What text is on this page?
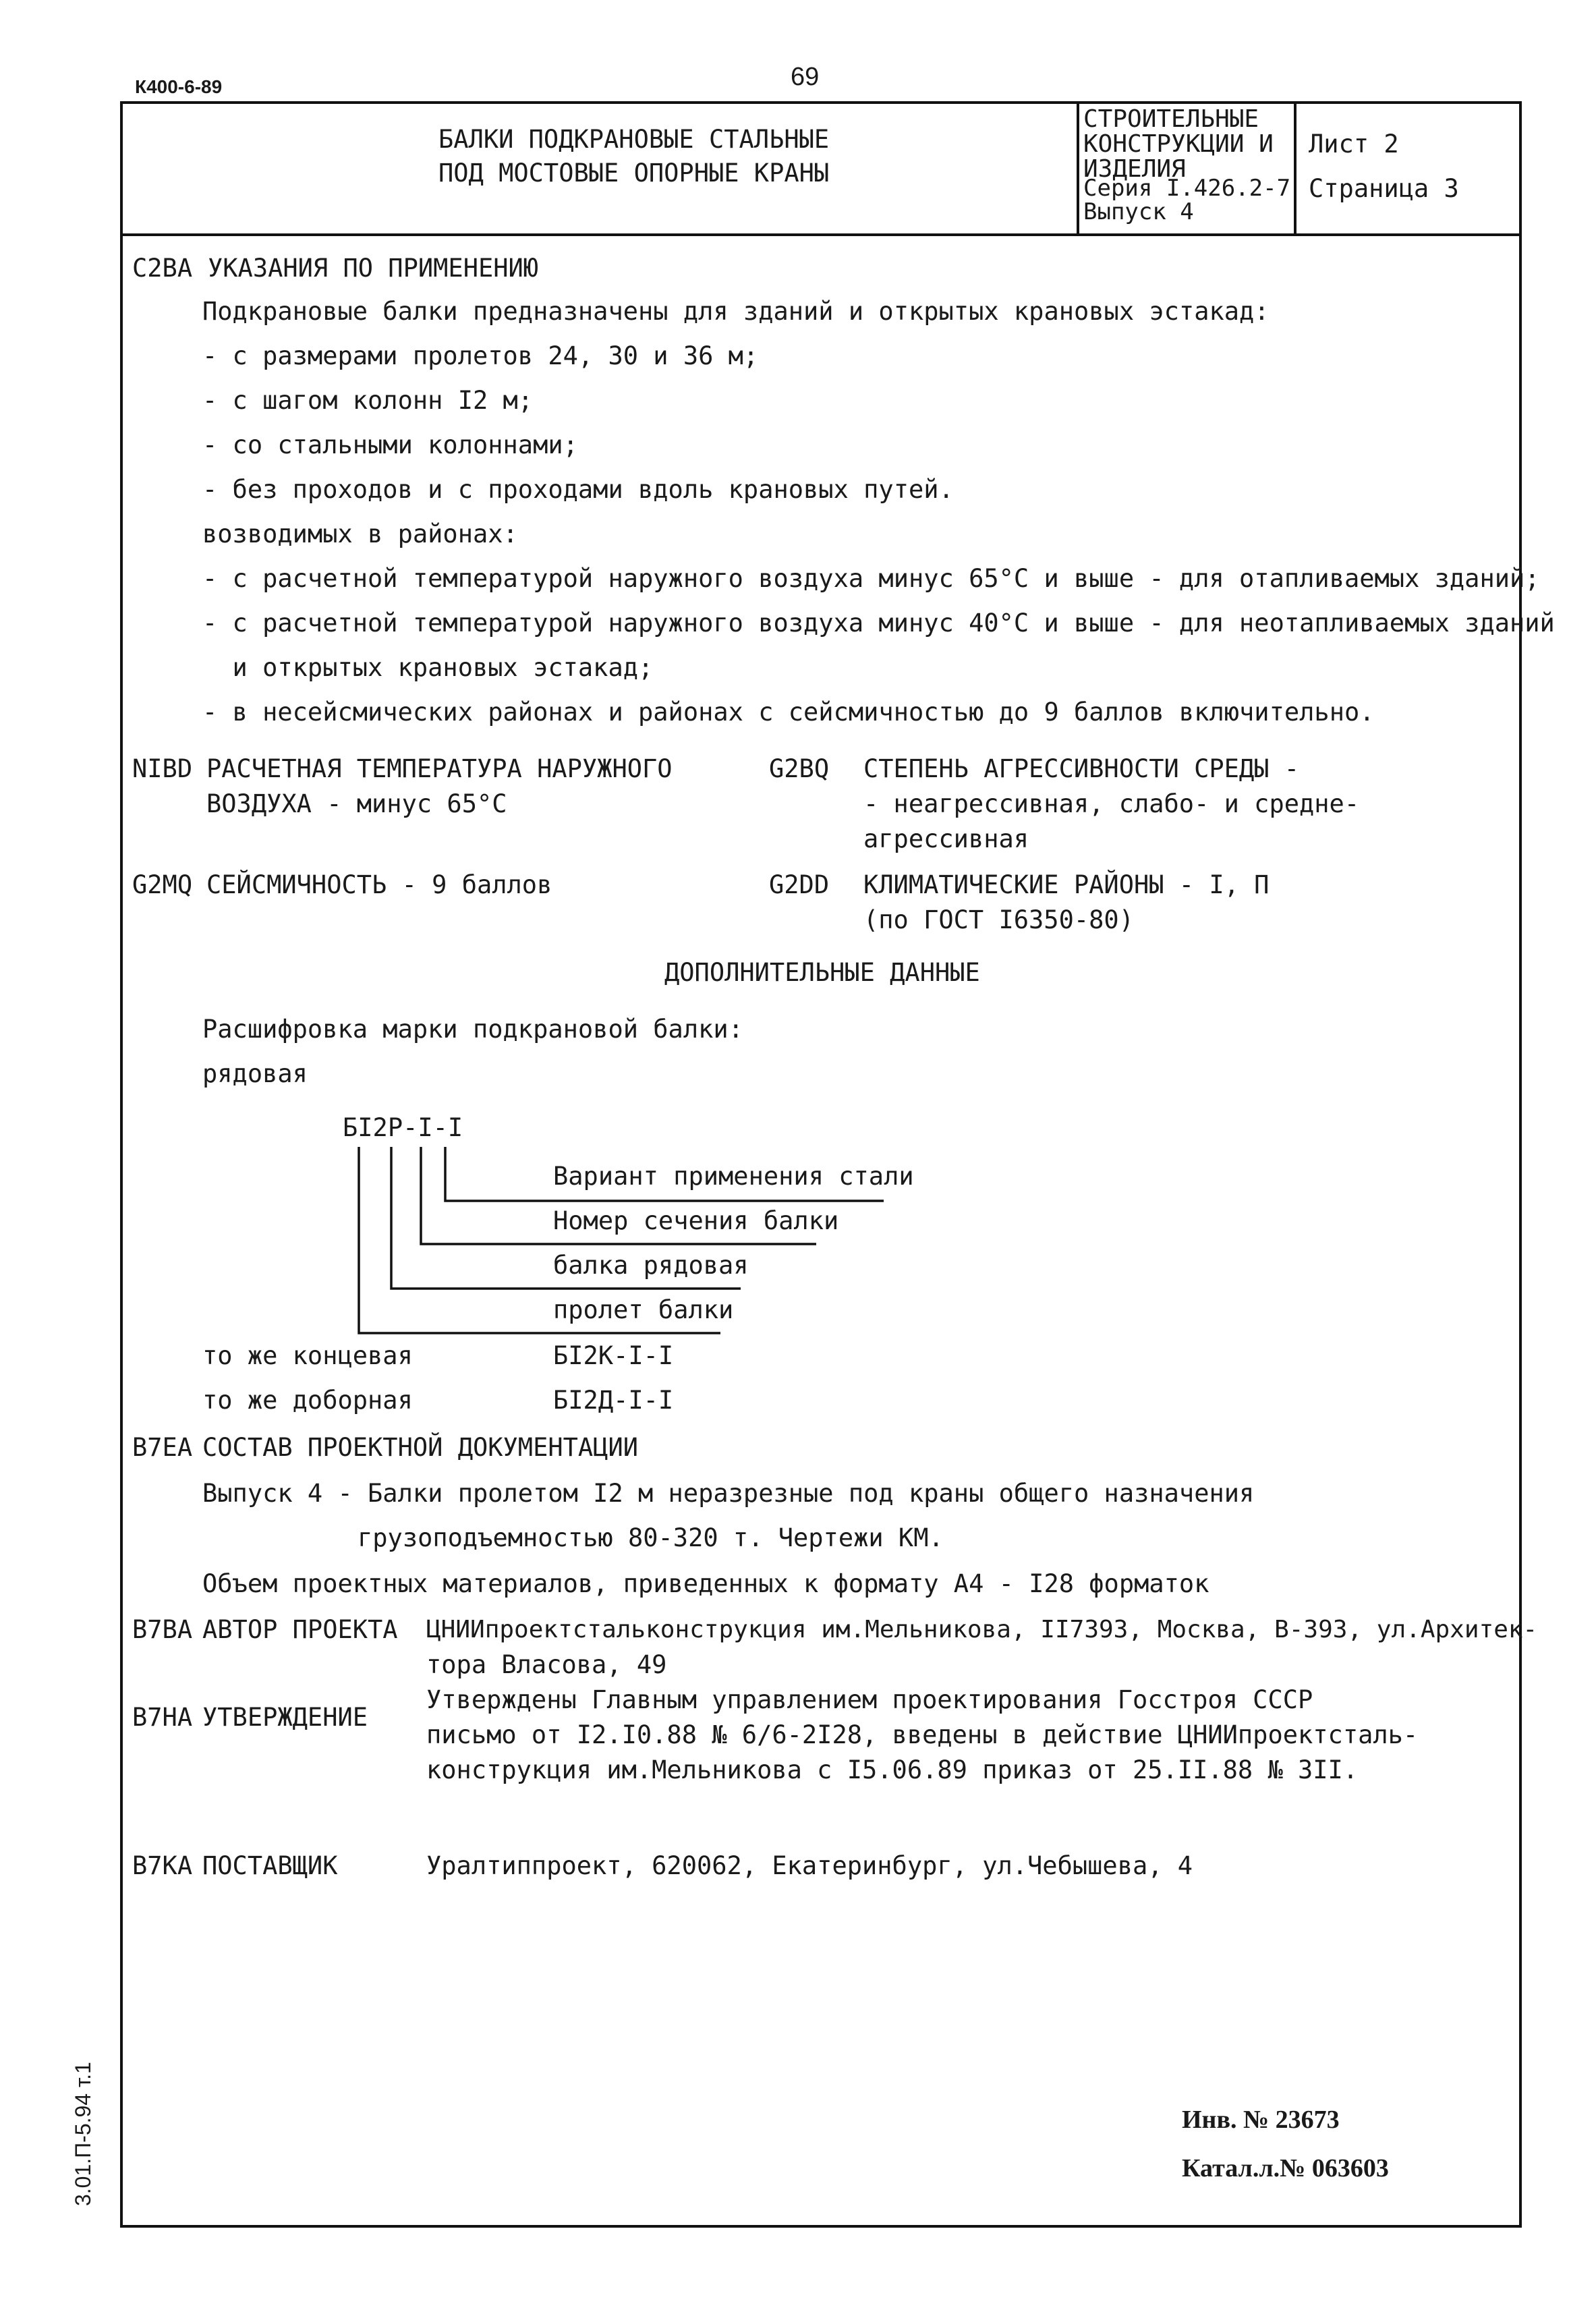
К400-6-89	69
БАЛКИ ПОДКРАНОВЫЕ СТАЛЬНЫЕ
ПОД МОСТОВЫЕ ОПОРНЫЕ КРАНЫ
СТРОИТЕЛЬНЫЕ
КОНСТРУКЦИИ И
ИЗДЕЛИЯ
Серия I.426.2-7
Выпуск 4
Лист 2
Страница 3
C2BA УКАЗАНИЯ ПО ПРИМЕНЕНИЮ
Подкрановые балки предназначены для зданий и открытых крановых эстакад:
- с размерами пролетов 24, 30 и 36 м;
- с шагом колонн I2 м;
- со стальными колоннами;
- без проходов и с проходами вдоль крановых путей.
возводимых в районах:
- с расчетной температурой наружного воздуха минус 65°С и выше - для отапливаемых зданий;
- с расчетной температурой наружного воздуха минус 40°С и выше - для неотапливаемых зданий
и открытых крановых эстакад;
- в несейсмических районах и районах с сейсмичностью до 9 баллов включительно.
NIBD РАСЧЕТНАЯ ТЕМПЕРАТУРА НАРУЖНОГО
ВОЗДУХА - минус 65°С
G2BQ СТЕПЕНЬ АГРЕССИВНОСТИ СРЕДЫ -
- неагрессивная, слабо- и средне-
агрессивная
G2MQ СЕЙСМИЧНОСТЬ - 9 баллов	G2DD КЛИМАТИЧЕСКИЕ РАЙОНЫ - I, П
(по ГОСТ I6350-80)
ДОПОЛНИТЕЛЬНЫЕ ДАННЫЕ
Расшифровка марки подкрановой балки:
рядовая
БI2Р-I-I
Вариант применения стали
Номер сечения балки
балка рядовая
пролет балки
то же концевая	БI2К-I-I
то же доборная	БI2Д-I-I
B7EA СОСТАВ ПРОЕКТНОЙ ДОКУМЕНТАЦИИ
Выпуск 4 - Балки пролетом I2 м неразрезные под краны общего назначения
грузоподъемностью 80-320 т. Чертежи КМ.
Объем проектных материалов, приведенных к формату А4 - I28 форматок
B7BA АВТОР ПРОЕКТА ЦНИИпроектстальконструкция им.Мельникова, II7393, Москва, В-393, ул.Архитек-
тора Власова, 49
B7HA УТВЕРЖДЕНИЕ
Утверждены Главным управлением проектирования Госстроя СССР
письмо от I2.I0.88 № 6/6-2I28, введены в действие ЦНИИпроектсталь-
конструкция им.Мельникова с I5.06.89 приказ от 25.II.88 № 3II.
B7KA ПОСТАВЩИК	Уралтиппроект, 620062, Екатеринбург, ул.Чебышева, 4
Инв. № 23673
Катал.л.№ 063603
3.01.П-5.94 т.1
